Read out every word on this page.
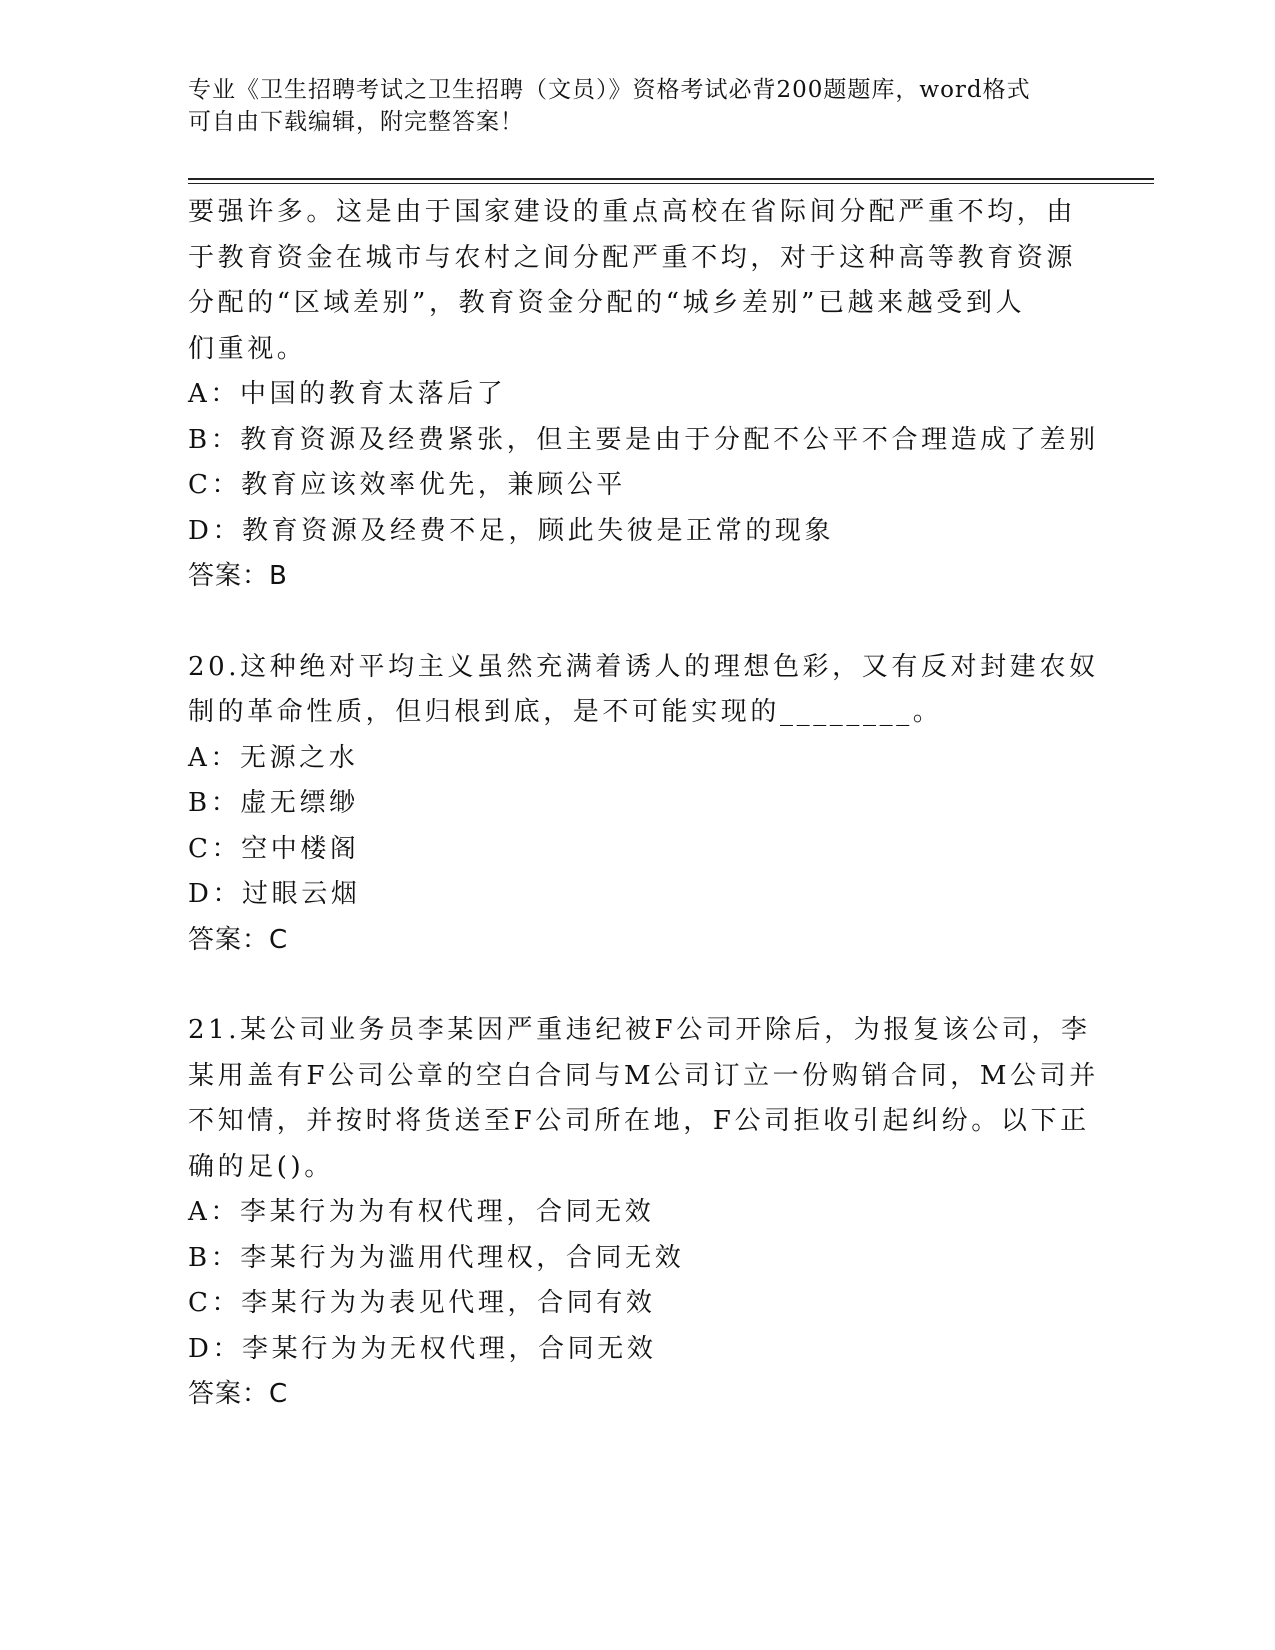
专业《卫生招聘考试之卫生招聘（文员）》资格考试必背200题题库，word格式
可自由下载编辑，附完整答案！
要强许多。这是由于国家建设的重点高校在省际间分配严重不均，由
于教育资金在城市与农村之间分配严重不均，对于这种高等教育资源
分配的“区域差别”，教育资金分配的“城乡差别”已越来越受到人
们重视。
A：中国的教育太落后了
B：教育资源及经费紧张，但主要是由于分配不公平不合理造成了差别
C：教育应该效率优先，兼顾公平
D：教育资源及经费不足，顾此失彼是正常的现象
答案：B
20.这种绝对平均主义虽然充满着诱人的理想色彩，又有反对封建农奴
制的革命性质，但归根到底，是不可能实现的________。
A：无源之水
B：虚无缥缈
C：空中楼阁
D：过眼云烟
答案：C
21.某公司业务员李某因严重违纪被F公司开除后，为报复该公司，李
某用盖有F公司公章的空白合同与M公司订立一份购销合同，M公司并
不知情，并按时将货送至F公司所在地，F公司拒收引起纠纷。以下正
确的足()。
A：李某行为为有权代理，合同无效
B：李某行为为滥用代理权，合同无效
C：李某行为为表见代理，合同有效
D：李某行为为无权代理，合同无效
答案：C
